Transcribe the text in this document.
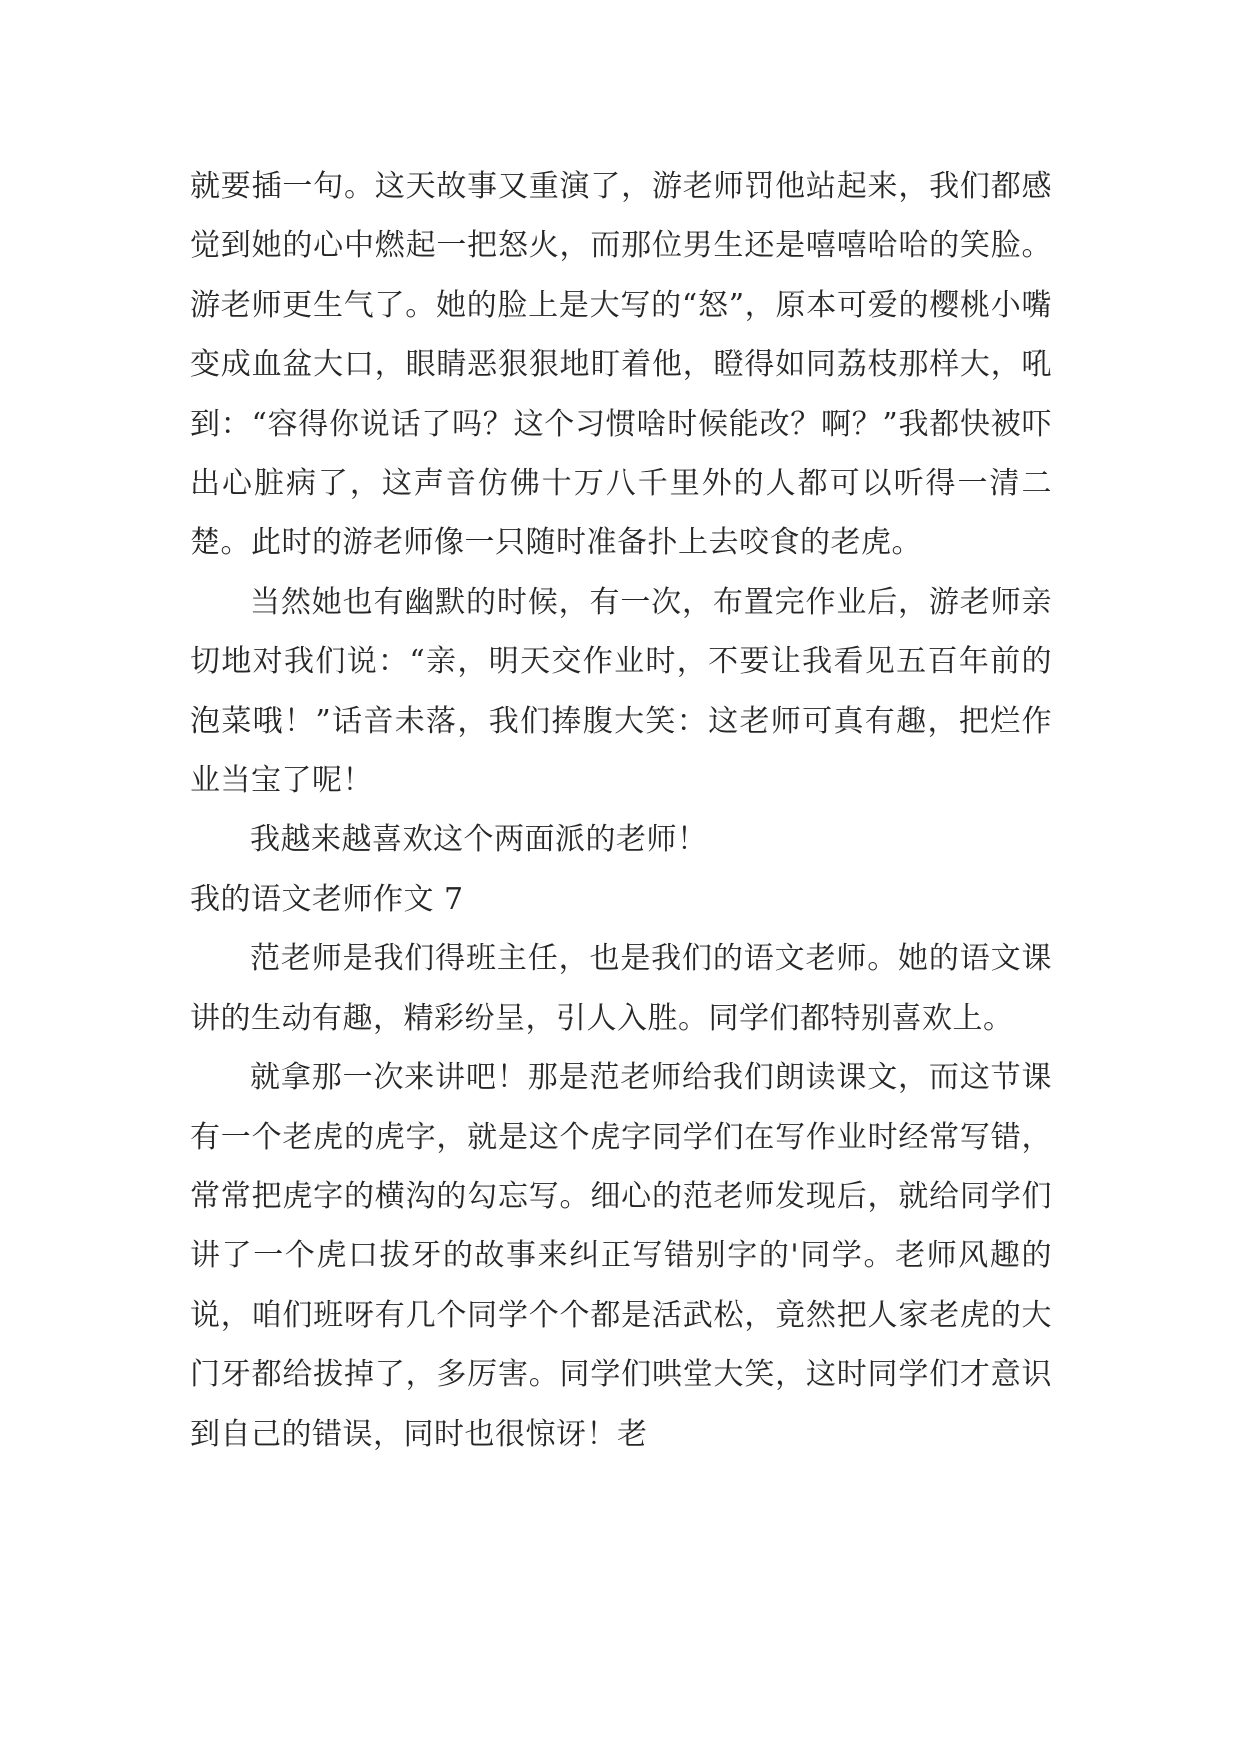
就要插一句。这天故事又重演了，游老师罚他站起来，我们都感觉到她的心中燃起一把怒火，而那位男生还是嘻嘻哈哈的笑脸。游老师更生气了。她的脸上是大写的“怒”，原本可爱的樱桃小嘴变成血盆大口，眼睛恶狠狠地盯着他，瞪得如同荔枝那样大，吼到：“容得你说话了吗？这个习惯啥时候能改？啊？”我都快被吓出心脏病了，这声音仿佛十万八千里外的人都可以听得一清二楚。此时的游老师像一只随时准备扑上去咬食的老虎。

当然她也有幽默的时候，有一次，布置完作业后，游老师亲切地对我们说：“亲，明天交作业时，不要让我看见五百年前的泡菜哦！”话音未落，我们捧腹大笑：这老师可真有趣，把烂作业当宝了呢！

我越来越喜欢这个两面派的老师！

我的语文老师作文 7

范老师是我们得班主任，也是我们的语文老师。她的语文课讲的生动有趣，精彩纷呈，引人入胜。同学们都特别喜欢上。

就拿那一次来讲吧！那是范老师给我们朗读课文，而这节课有一个老虎的虎字，就是这个虎字同学们在写作业时经常写错，常常把虎字的横沟的勾忘写。细心的范老师发现后，就给同学们讲了一个虎口拔牙的故事来纠正写错别字的'同学。老师风趣的说，咱们班呀有几个同学个个都是活武松，竟然把人家老虎的大门牙都给拔掉了，多厉害。同学们哄堂大笑，这时同学们才意识到自己的错误，同时也很惊讶！老
